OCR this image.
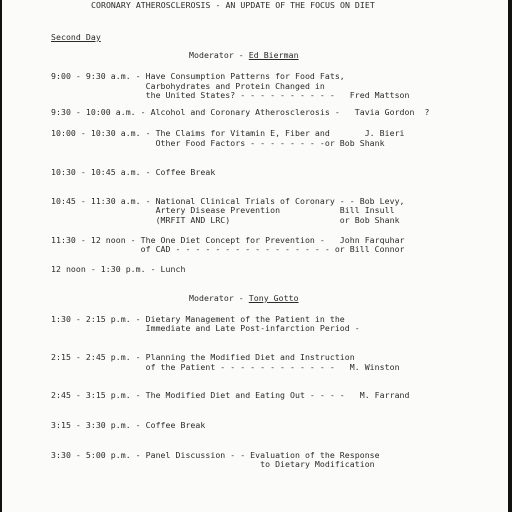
CORONARY ATHEROSCLEROSIS - AN UPDATE OF THE FOCUS ON DIET
Second Day
Moderator - Ed Bierman
9:00 - 9:30 a.m. - Have Consumption Patterns for Food Fats,
Carbohydrates and Protein Changed in
the United States? - - - - - - - - - -   Fred Mattson
9:30 - 10:00 a.m. - Alcohol and Coronary Atherosclerosis -   Tavia Gordon  ?
10:00 - 10:30 a.m. - The Claims for Vitamin E, Fiber and       J. Bieri
Other Food Factors - - - - - - - -or Bob Shank
10:30 - 10:45 a.m. - Coffee Break
10:45 - 11:30 a.m. - National Clinical Trials of Coronary - - Bob Levy,
Artery Disease Prevention            Bill Insull
(MRFIT AND LRC)                      or Bob Shank
11:30 - 12 noon - The One Diet Concept for Prevention -   John Farquhar
of CAD - - - - - - - - - - - - - - - - or Bill Connor
12 noon - 1:30 p.m. - Lunch
Moderator - Tony Gotto
1:30 - 2:15 p.m. - Dietary Management of the Patient in the
Immediate and Late Post-infarction Period -
2:15 - 2:45 p.m. - Planning the Modified Diet and Instruction
of the Patient - - - - - - - - - - - -   M. Winston
2:45 - 3:15 p.m. - The Modified Diet and Eating Out - - - -   M. Farrand
3:15 - 3:30 p.m. - Coffee Break
3:30 - 5:00 p.m. - Panel Discussion - - Evaluation of the Response
to Dietary Modification
